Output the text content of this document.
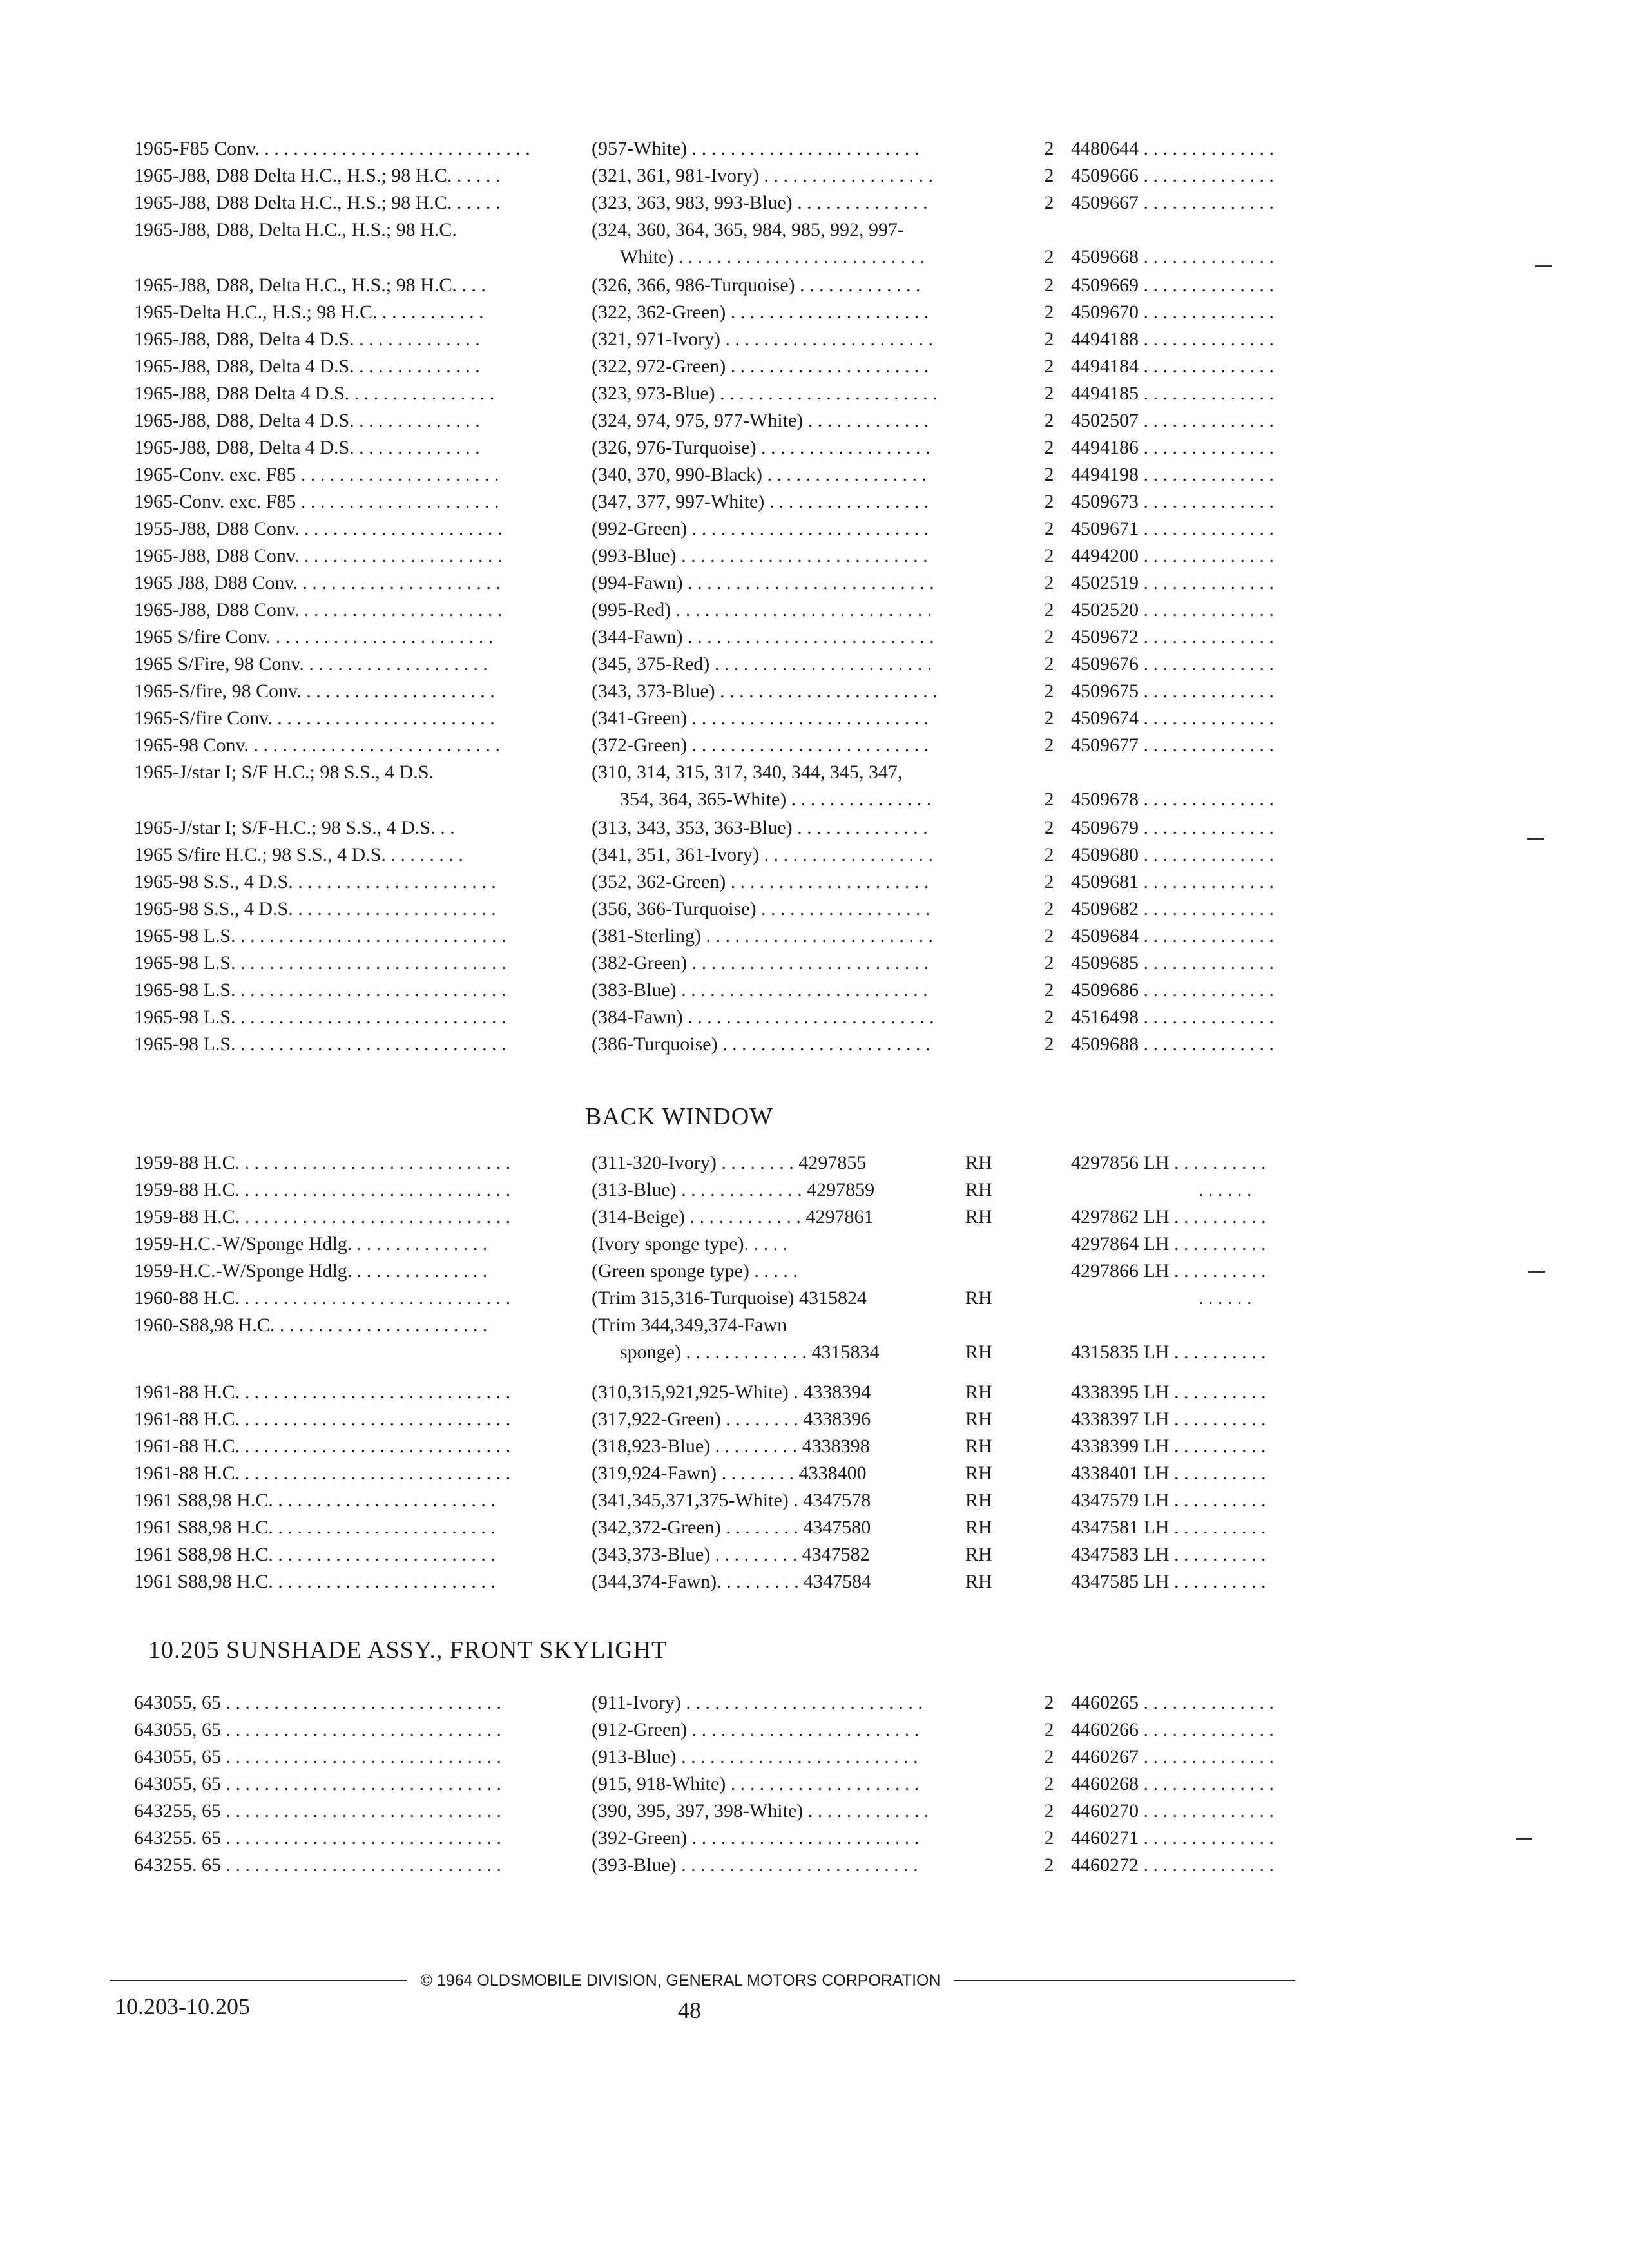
1965-F85 Conv. . . . . . . . . . . . . . . . . . . . . . . . . . . . .	(957-White) . . . . . . . . . . . . . . . . . . . . . . . .	2 4480644 . . . . . . . . . . . . . .
1965-J88, D88 Delta H.C., H.S.; 98 H.C. . . . . .	(321, 361, 981-Ivory) . . . . . . . . . . . . . . . . . .	2 4509666 . . . . . . . . . . . . . .
1965-J88, D88 Delta H.C., H.S.; 98 H.C. . . . . .	(323, 363, 983, 993-Blue) . . . . . . . . . . . . . .	2 4509667 . . . . . . . . . . . . . .
1965-J88, D88, Delta H.C., H.S.; 98 H.C.	(324, 360, 364, 365, 984, 985, 992, 997-
White) . . . . . . . . . . . . . . . . . . . . . . . . . .	2 4509668 . . . . . . . . . . . . . .
1965-J88, D88, Delta H.C., H.S.; 98 H.C. . . .	(326, 366, 986-Turquoise) . . . . . . . . . . . . .	2 4509669 . . . . . . . . . . . . . .
1965-Delta H.C., H.S.; 98 H.C. . . . . . . . . . . .	(322, 362-Green) . . . . . . . . . . . . . . . . . . . . .	2 4509670 . . . . . . . . . . . . . .
1965-J88, D88, Delta 4 D.S. . . . . . . . . . . . . .	(321, 971-Ivory) . . . . . . . . . . . . . . . . . . . . . .	2 4494188 . . . . . . . . . . . . . .
1965-J88, D88, Delta 4 D.S. . . . . . . . . . . . . .	(322, 972-Green) . . . . . . . . . . . . . . . . . . . . .	2 4494184 . . . . . . . . . . . . . .
1965-J88, D88 Delta 4 D.S. . . . . . . . . . . . . . . .	(323, 973-Blue) . . . . . . . . . . . . . . . . . . . . . . .	2 4494185 . . . . . . . . . . . . . .
1965-J88, D88, Delta 4 D.S. . . . . . . . . . . . . .	(324, 974, 975, 977-White) . . . . . . . . . . . . .	2 4502507 . . . . . . . . . . . . . .
1965-J88, D88, Delta 4 D.S. . . . . . . . . . . . . .	(326, 976-Turquoise) . . . . . . . . . . . . . . . . . .	2 4494186 . . . . . . . . . . . . . .
1965-Conv. exc. F85 . . . . . . . . . . . . . . . . . . . . .	(340, 370, 990-Black) . . . . . . . . . . . . . . . . .	2 4494198 . . . . . . . . . . . . . .
1965-Conv. exc. F85 . . . . . . . . . . . . . . . . . . . . .	(347, 377, 997-White) . . . . . . . . . . . . . . . . .	2 4509673 . . . . . . . . . . . . . .
1955-J88, D88 Conv. . . . . . . . . . . . . . . . . . . . . .	(992-Green) . . . . . . . . . . . . . . . . . . . . . . . . .	2 4509671 . . . . . . . . . . . . . .
1965-J88, D88 Conv. . . . . . . . . . . . . . . . . . . . . .	(993-Blue) . . . . . . . . . . . . . . . . . . . . . . . . . .	2 4494200 . . . . . . . . . . . . . .
1965 J88, D88 Conv. . . . . . . . . . . . . . . . . . . . . .	(994-Fawn) . . . . . . . . . . . . . . . . . . . . . . . . . .	2 4502519 . . . . . . . . . . . . . .
1965-J88, D88 Conv. . . . . . . . . . . . . . . . . . . . . .	(995-Red) . . . . . . . . . . . . . . . . . . . . . . . . . . .	2 4502520 . . . . . . . . . . . . . .
1965 S/fire Conv. . . . . . . . . . . . . . . . . . . . . . . .	(344-Fawn) . . . . . . . . . . . . . . . . . . . . . . . . . .	2 4509672 . . . . . . . . . . . . . .
1965 S/Fire, 98 Conv. . . . . . . . . . . . . . . . . . . .	(345, 375-Red) . . . . . . . . . . . . . . . . . . . . . . .	2 4509676 . . . . . . . . . . . . . .
1965-S/fire, 98 Conv. . . . . . . . . . . . . . . . . . . . .	(343, 373-Blue) . . . . . . . . . . . . . . . . . . . . . . .	2 4509675 . . . . . . . . . . . . . .
1965-S/fire Conv. . . . . . . . . . . . . . . . . . . . . . . .	(341-Green) . . . . . . . . . . . . . . . . . . . . . . . . .	2 4509674 . . . . . . . . . . . . . .
1965-98 Conv. . . . . . . . . . . . . . . . . . . . . . . . . . .	(372-Green) . . . . . . . . . . . . . . . . . . . . . . . . .	2 4509677 . . . . . . . . . . . . . .
1965-J/star I; S/F H.C.; 98 S.S., 4 D.S.	(310, 314, 315, 317, 340, 344, 345, 347,
354, 364, 365-White) . . . . . . . . . . . . . . .	2 4509678 . . . . . . . . . . . . . .
1965-J/star I; S/F-H.C.; 98 S.S., 4 D.S. . .	(313, 343, 353, 363-Blue) . . . . . . . . . . . . . .	2 4509679 . . . . . . . . . . . . . .
1965 S/fire H.C.; 98 S.S., 4 D.S. . . . . . . . .	(341, 351, 361-Ivory) . . . . . . . . . . . . . . . . . .	2 4509680 . . . . . . . . . . . . . .
1965-98 S.S., 4 D.S. . . . . . . . . . . . . . . . . . . . . .	(352, 362-Green) . . . . . . . . . . . . . . . . . . . . .	2 4509681 . . . . . . . . . . . . . .
1965-98 S.S., 4 D.S. . . . . . . . . . . . . . . . . . . . . .	(356, 366-Turquoise) . . . . . . . . . . . . . . . . . .	2 4509682 . . . . . . . . . . . . . .
1965-98 L.S. . . . . . . . . . . . . . . . . . . . . . . . . . . . .	(381-Sterling) . . . . . . . . . . . . . . . . . . . . . . . .	2 4509684 . . . . . . . . . . . . . .
1965-98 L.S. . . . . . . . . . . . . . . . . . . . . . . . . . . . .	(382-Green) . . . . . . . . . . . . . . . . . . . . . . . . .	2 4509685 . . . . . . . . . . . . . .
1965-98 L.S. . . . . . . . . . . . . . . . . . . . . . . . . . . . .	(383-Blue) . . . . . . . . . . . . . . . . . . . . . . . . . .	2 4509686 . . . . . . . . . . . . . .
1965-98 L.S. . . . . . . . . . . . . . . . . . . . . . . . . . . . .	(384-Fawn) . . . . . . . . . . . . . . . . . . . . . . . . . .	2 4516498 . . . . . . . . . . . . . .
1965-98 L.S. . . . . . . . . . . . . . . . . . . . . . . . . . . . .	(386-Turquoise) . . . . . . . . . . . . . . . . . . . . . .	2 4509688 . . . . . . . . . . . . . .
BACK WINDOW
1959-88 H.C. . . . . . . . . . . . . . . . . . . . . . . . . . . . .	(311-320-Ivory) . . . . . . . . 4297855	RH	4297856 LH . . . . . . . . . .
1959-88 H.C. . . . . . . . . . . . . . . . . . . . . . . . . . . . .	(313-Blue) . . . . . . . . . . . . . 4297859	RH	. . . . . .
1959-88 H.C. . . . . . . . . . . . . . . . . . . . . . . . . . . . .	(314-Beige) . . . . . . . . . . . . 4297861	RH	4297862 LH . . . . . . . . . .
1959-H.C.-W/Sponge Hdlg. . . . . . . . . . . . . . .	(Ivory sponge type). . . . .	4297864 LH . . . . . . . . . .
1959-H.C.-W/Sponge Hdlg. . . . . . . . . . . . . . .	(Green sponge type) . . . . .	4297866 LH . . . . . . . . . .
1960-88 H.C. . . . . . . . . . . . . . . . . . . . . . . . . . . . .	(Trim 315,316-Turquoise) 4315824	RH	. . . . . .
1960-S88,98 H.C. . . . . . . . . . . . . . . . . . . . . . .	(Trim 344,349,374-Fawn
sponge) . . . . . . . . . . . . . 4315834	RH	4315835 LH . . . . . . . . . .
1961-88 H.C. . . . . . . . . . . . . . . . . . . . . . . . . . . . .	(310,315,921,925-White) . 4338394	RH	4338395 LH . . . . . . . . . .
1961-88 H.C. . . . . . . . . . . . . . . . . . . . . . . . . . . . .	(317,922-Green) . . . . . . . . 4338396	RH	4338397 LH . . . . . . . . . .
1961-88 H.C. . . . . . . . . . . . . . . . . . . . . . . . . . . . .	(318,923-Blue) . . . . . . . . . 4338398	RH	4338399 LH . . . . . . . . . .
1961-88 H.C. . . . . . . . . . . . . . . . . . . . . . . . . . . . .	(319,924-Fawn) . . . . . . . . 4338400	RH	4338401 LH . . . . . . . . . .
1961 S88,98 H.C. . . . . . . . . . . . . . . . . . . . . . . .	(341,345,371,375-White) . 4347578	RH	4347579 LH . . . . . . . . . .
1961 S88,98 H.C. . . . . . . . . . . . . . . . . . . . . . . .	(342,372-Green) . . . . . . . . 4347580	RH	4347581 LH . . . . . . . . . .
1961 S88,98 H.C. . . . . . . . . . . . . . . . . . . . . . . .	(343,373-Blue) . . . . . . . . . 4347582	RH	4347583 LH . . . . . . . . . .
1961 S88,98 H.C. . . . . . . . . . . . . . . . . . . . . . . .	(344,374-Fawn). . . . . . . . . 4347584	RH	4347585 LH . . . . . . . . . .
10.205 SUNSHADE ASSY., FRONT SKYLIGHT
643055, 65 . . . . . . . . . . . . . . . . . . . . . . . . . . . . .	(911-Ivory) . . . . . . . . . . . . . . . . . . . . . . . . .	2 4460265 . . . . . . . . . . . . . .
643055, 65 . . . . . . . . . . . . . . . . . . . . . . . . . . . . .	(912-Green) . . . . . . . . . . . . . . . . . . . . . . . .	2 4460266 . . . . . . . . . . . . . .
643055, 65 . . . . . . . . . . . . . . . . . . . . . . . . . . . . .	(913-Blue) . . . . . . . . . . . . . . . . . . . . . . . . .	2 4460267 . . . . . . . . . . . . . .
643055, 65 . . . . . . . . . . . . . . . . . . . . . . . . . . . . .	(915, 918-White) . . . . . . . . . . . . . . . . . . . .	2 4460268 . . . . . . . . . . . . . .
643255, 65 . . . . . . . . . . . . . . . . . . . . . . . . . . . . .	(390, 395, 397, 398-White) . . . . . . . . . . . . .	2 4460270 . . . . . . . . . . . . . .
643255. 65 . . . . . . . . . . . . . . . . . . . . . . . . . . . . .	(392-Green) . . . . . . . . . . . . . . . . . . . . . . . .	2 4460271 . . . . . . . . . . . . . .
643255. 65 . . . . . . . . . . . . . . . . . . . . . . . . . . . . .	(393-Blue) . . . . . . . . . . . . . . . . . . . . . . . . .	2 4460272 . . . . . . . . . . . . . .
© 1964 OLDSMOBILE DIVISION, GENERAL MOTORS CORPORATION
10.203-10.205	48
